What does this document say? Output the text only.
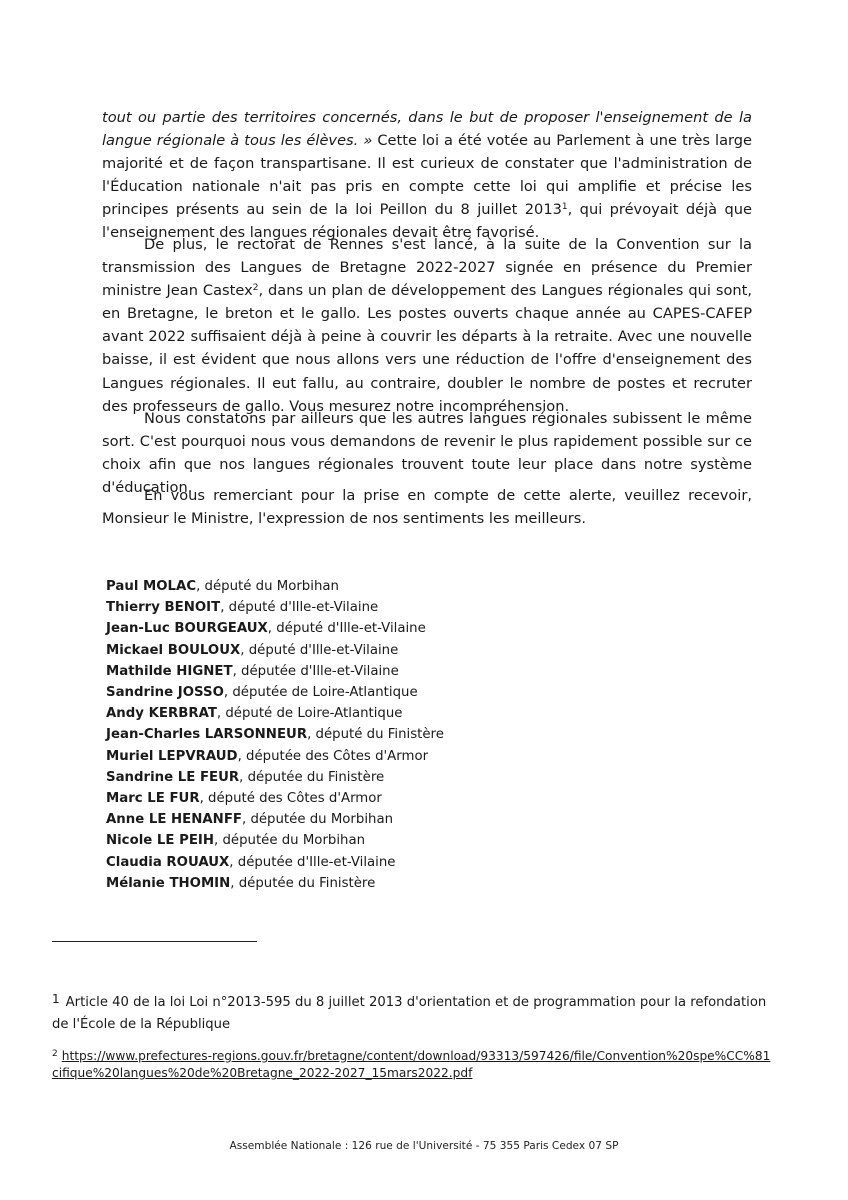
tout ou partie des territoires concernés, dans le but de proposer l'enseignement de la langue régionale à tous les élèves. » Cette loi a été votée au Parlement à une très large majorité et de façon transpartisane. Il est curieux de constater que l'administration de l'Éducation nationale n'ait pas pris en compte cette loi qui amplifie et précise les principes présents au sein de la loi Peillon du 8 juillet 2013$^1$, qui prévoyait déjà que l'enseignement des langues régionales devait être favorisé.

De plus, le rectorat de Rennes s'est lancé, à la suite de la Convention sur la transmission des Langues de Bretagne 2022-2027 signée en présence du Premier ministre Jean Castex$^2$, dans un plan de développement des Langues régionales qui sont, en Bretagne, le breton et le gallo. Les postes ouverts chaque année au CAPES-CAFEP avant 2022 suffisaient déjà à peine à couvrir les départs à la retraite. Avec une nouvelle baisse, il est évident que nous allons vers une réduction de l'offre d'enseignement des Langues régionales. Il eut fallu, au contraire, doubler le nombre de postes et recruter des professeurs de gallo. Vous mesurez notre incompréhension.

Nous constatons par ailleurs que les autres langues régionales subissent le même sort. C'est pourquoi nous vous demandons de revenir le plus rapidement possible sur ce choix afin que nos langues régionales trouvent toute leur place dans notre système d'éducation.

En vous remerciant pour la prise en compte de cette alerte, veuillez recevoir, Monsieur le Ministre, l'expression de nos sentiments les meilleurs.

Paul MOLAC, député du Morbihan
Thierry BENOIT, député d'Ille-et-Vilaine
Jean-Luc BOURGEAUX, député d'Ille-et-Vilaine
Mickael BOULOUX, député d'Ille-et-Vilaine
Mathilde HIGNET, députée d'Ille-et-Vilaine
Sandrine JOSSO, députée de Loire-Atlantique
Andy KERBRAT, député de Loire-Atlantique
Jean-Charles LARSONNEUR, député du Finistère
Muriel LEPVRAUD, députée des Côtes d'Armor
Sandrine LE FEUR, députée du Finistère
Marc LE FUR, député des Côtes d'Armor
Anne LE HENANFF, députée du Morbihan
Nicole LE PEIH, députée du Morbihan
Claudia ROUAUX, députée d'Ille-et-Vilaine
Mélanie THOMIN, députée du Finistère

1 Article 40 de la loi Loi n°2013-595 du 8 juillet 2013 d'orientation et de programmation pour la refondation de l'École de la République

$^2$ https://www.prefectures-regions.gouv.fr/bretagne/content/download/93313/597426/file/Convention%20spe%CC%81cifique%20langues%20de%20Bretagne_2022-2027_15mars2022.pdf

Assemblée Nationale : 126 rue de l'Université - 75 355 Paris Cedex 07 SP
